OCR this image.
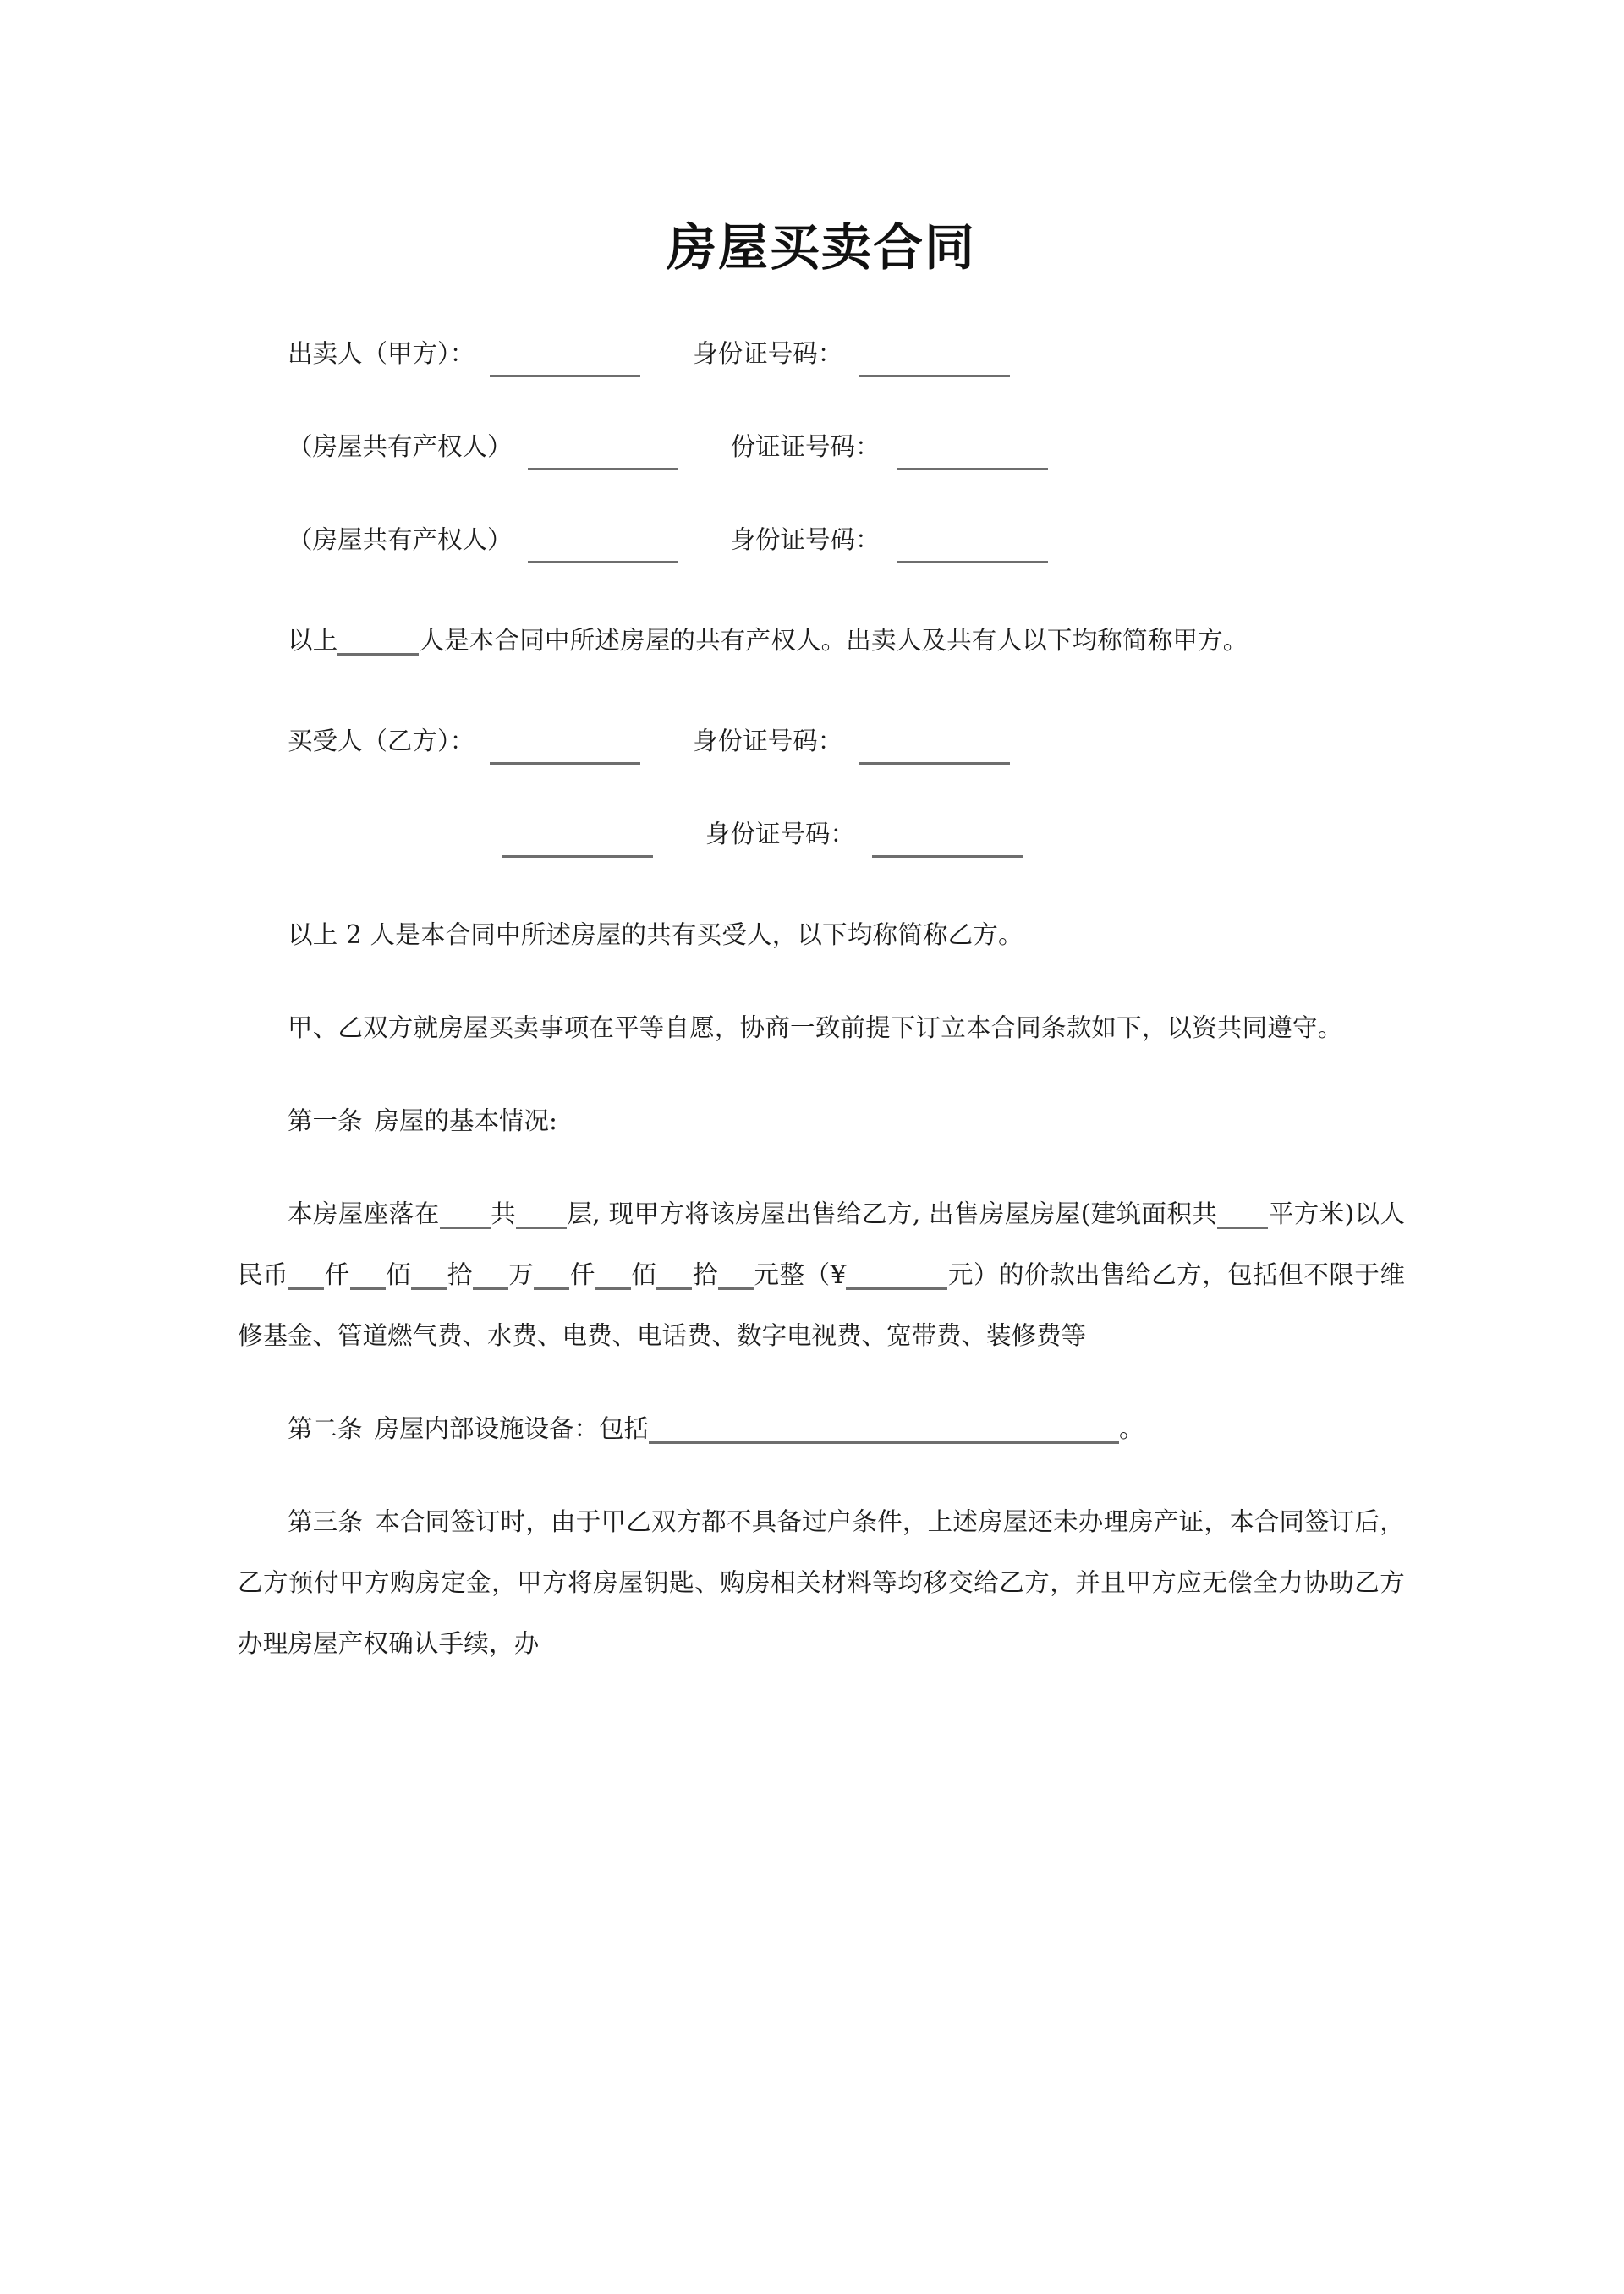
房屋买卖合同
出卖人（甲方）：	身份证号码：
（房屋共有产权人）	份证证号码：
（房屋共有产权人）	身份证号码：
以上	人是本合同中所述房屋的共有产权人。出卖人及共有人以下均称简称甲方。
买受人（乙方）：	身份证号码：
身份证号码：
以上 2 人是本合同中所述房屋的共有买受人，以下均称简称乙方。
甲、乙双方就房屋买卖事项在平等自愿，协商一致前提下订立本合同条款如下，以资共同遵守。
第一条 房屋的基本情况:
本房屋座落在 共 层, 现甲方将该房屋出售给乙方, 出售房屋房屋(建筑面积共 平方米)以人民币 仟 佰 拾 万 仟 佰 拾 元整（¥	元）的价款出售给乙方，包括但不限于维修基金、管道燃气费、水费、电费、电话费、数字电视费、宽带费、装修费等
第二条 房屋内部设施设备：包括	。
第三条 本合同签订时，由于甲乙双方都不具备过户条件，上述房屋还未办理房产证，本合同签订后，乙方预付甲方购房定金，甲方将房屋钥匙、购房相关材料等均移交给乙方，并且甲方应无偿全力协助乙方办理房屋产权确认手续，办
